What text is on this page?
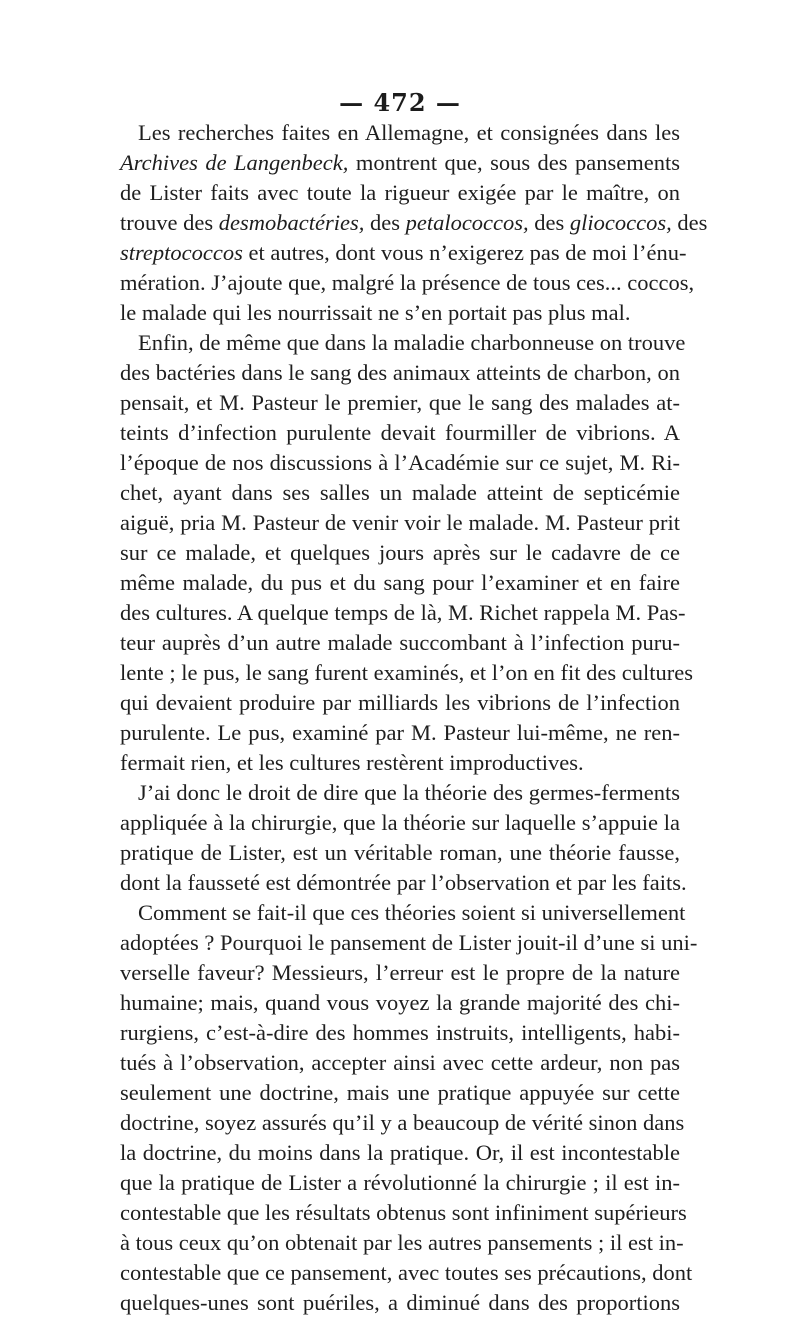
— 472 —
Les recherches faites en Allemagne, et consignées dans les
Archives de Langenbeck, montrent que, sous des pansements
de Lister faits avec toute la rigueur exigée par le maître, on
trouve des desmobactéries, des petalococcos, des gliococcos, des
streptococcos et autres, dont vous n’exigerez pas de moi l’énu-
mération. J’ajoute que, malgré la présence de tous ces... coccos,
le malade qui les nourrissait ne s’en portait pas plus mal.
Enfin, de même que dans la maladie charbonneuse on trouve
des bactéries dans le sang des animaux atteints de charbon, on
pensait, et M. Pasteur le premier, que le sang des malades at-
teints d’infection purulente devait fourmiller de vibrions. A
l’époque de nos discussions à l’Académie sur ce sujet, M. Ri-
chet, ayant dans ses salles un malade atteint de septicémie
aiguë, pria M. Pasteur de venir voir le malade. M. Pasteur prit
sur ce malade, et quelques jours après sur le cadavre de ce
même malade, du pus et du sang pour l’examiner et en faire
des cultures. A quelque temps de là, M. Richet rappela M. Pas-
teur auprès d’un autre malade succombant à l’infection puru-
lente ; le pus, le sang furent examinés, et l’on en fit des cultures
qui devaient produire par milliards les vibrions de l’infection
purulente. Le pus, examiné par M. Pasteur lui-même, ne ren-
fermait rien, et les cultures restèrent improductives.
J’ai donc le droit de dire que la théorie des germes-ferments
appliquée à la chirurgie, que la théorie sur laquelle s’appuie la
pratique de Lister, est un véritable roman, une théorie fausse,
dont la fausseté est démontrée par l’observation et par les faits.
Comment se fait-il que ces théories soient si universellement
adoptées ? Pourquoi le pansement de Lister jouit-il d’une si uni-
verselle faveur? Messieurs, l’erreur est le propre de la nature
humaine; mais, quand vous voyez la grande majorité des chi-
rurgiens, c’est-à-dire des hommes instruits, intelligents, habi-
tués à l’observation, accepter ainsi avec cette ardeur, non pas
seulement une doctrine, mais une pratique appuyée sur cette
doctrine, soyez assurés qu’il y a beaucoup de vérité sinon dans
la doctrine, du moins dans la pratique. Or, il est incontestable
que la pratique de Lister a révolutionné la chirurgie ; il est in-
contestable que les résultats obtenus sont infiniment supérieurs
à tous ceux qu’on obtenait par les autres pansements ; il est in-
contestable que ce pansement, avec toutes ses précautions, dont
quelques-unes sont puériles, a diminué dans des proportions
